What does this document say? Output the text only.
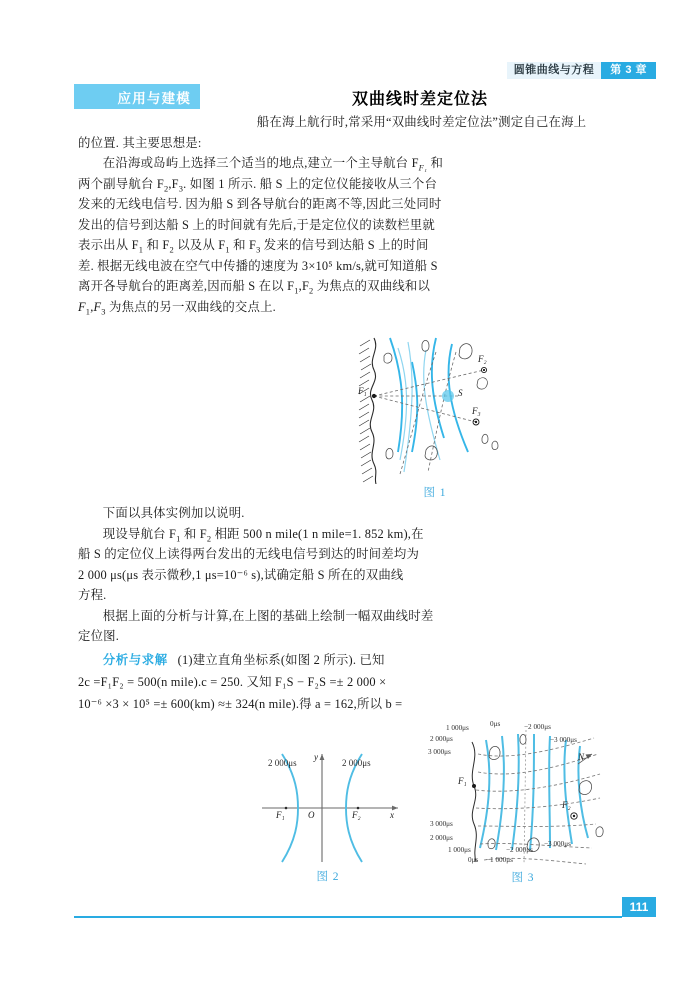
圆锥曲线与方程	第 3 章
应用与建模	双曲线时差定位法

船在海上航行时,常采用“双曲线时差定位法”测定自己在海上

的位置. 其主要思想是:

在沿海或岛屿上选择三个适当的地点,建立一个主导航台 $F_{F_1}$ 和

两个副导航台 $F_2,F_3$. 如图 1 所示. 船 S 上的定位仪能接收从三个台

发来的无线电信号. 因为船 S 到各导航台的距离不等,因此三处同时

发出的信号到达船 S 上的时间就有先后,于是定位仪的读数栏里就

表示出从 $F_1$ 和 $F_2$ 以及从 $F_1$ 和 $F_3$ 发来的信号到达船 S 上的时间

差. 根据无线电波在空气中传播的速度为 3×10⁵ km/s,就可知道船 S

离开各导航台的距离差,因而船 S 在以 $F_1,F_2$ 为焦点的双曲线和以

$F_1,F_3$ 为焦点的另一双曲线的交点上.

F₁
F₂
F₃
S
图 1

下面以具体实例加以说明.

现设导航台 $F_1$ 和 $F_2$ 相距 500 n mile(1 n mile=1. 852 km),在

船 S 的定位仪上读得两台发出的无线电信号到达的时间差均为

2 000 μs(μs 表示微秒,1 μs=10⁻⁶ s),试确定船 S 所在的双曲线

方程.

根据上面的分析与计算,在上图的基础上绘制一幅双曲线时差

定位图.

分析与求解 (1)建立直角坐标系(如图 2 所示). 已知

2c =F₁F₂ = 500(n mile).c = 250. 又知 F₁S − F₂S =± 2 000 ×

10⁻⁶ ×3 × 10⁵ =± 600(km) ≈± 324(n mile).得 a = 162,所以 b =

2 000μs	2 000μs
y
x
O
F₁	F₂
图 2
1 000μs	0μs	−2 000μs
2 000μs	−3 000μs
3 000μs
3 000μs
2 000μs
1 000μs
0μs −1 000μs
−2 000μs
−3 000μs
F₁
F₂
N
图 3
111
